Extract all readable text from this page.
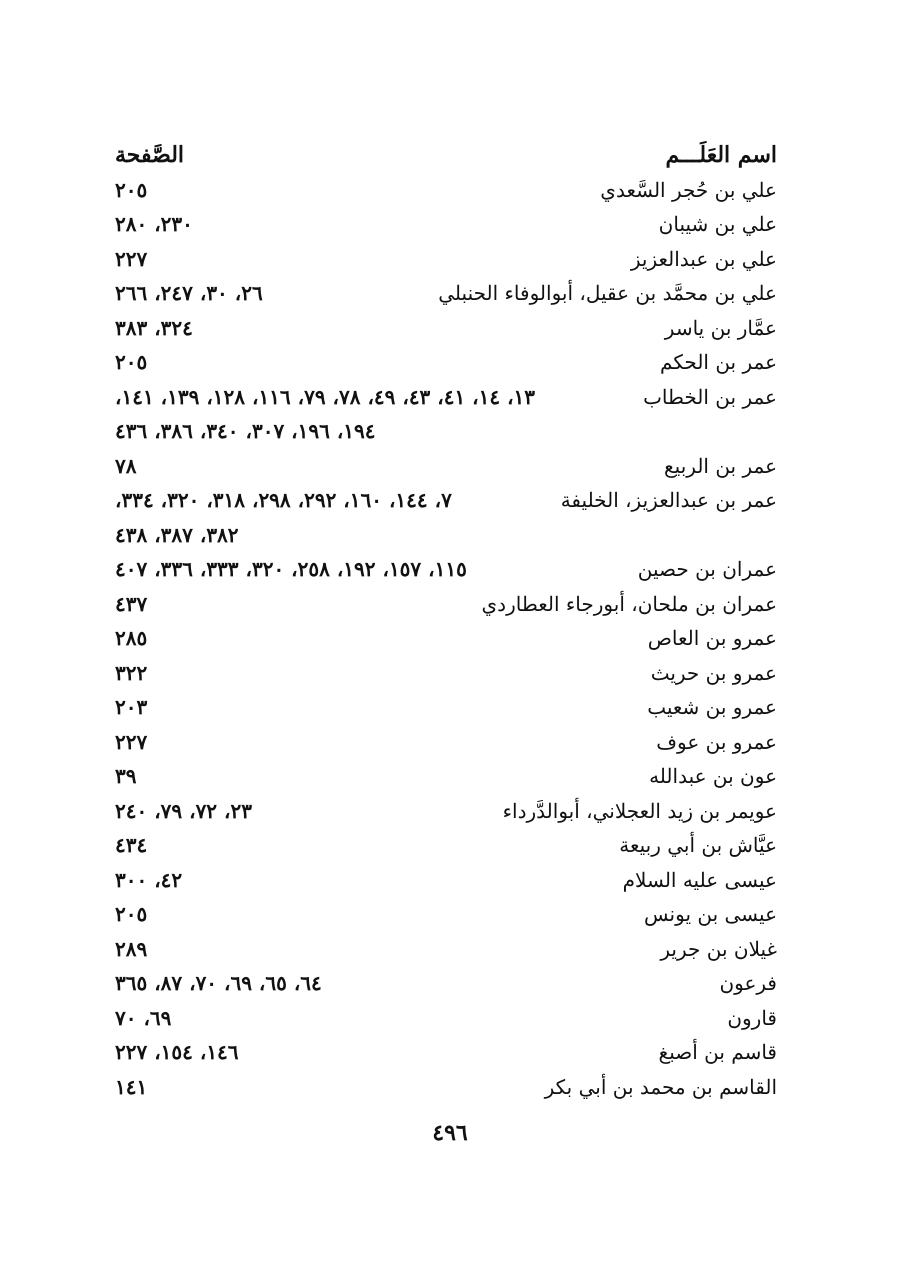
اسم العَلَـــم
الصَّفحة
علي بن حُجر السَّعدي
٢٠٥
علي بن شيبان
٢٣٠، ٢٨٠
علي بن عبدالعزيز
٢٢٧
علي بن محمَّد بن عقيل، أبوالوفاء الحنبلي
٢٦، ٣٠، ٢٤٧، ٢٦٦
عمَّار بن ياسر
٣٢٤، ٣٨٣
عمر بن الحكم
٢٠٥
عمر بن الخطاب
١٣، ١٤، ٤١، ٤٣، ٤٩، ٧٨، ٧٩، ١١٦، ١٢٨، ١٣٩، ١٤١،
١٩٤، ١٩٦، ٣٠٧، ٣٤٠، ٣٨٦، ٤٣٦
عمر بن الربيع
٧٨
عمر بن عبدالعزيز، الخليفة
٧، ١٤٤، ١٦٠، ٢٩٢، ٢٩٨، ٣١٨، ٣٢٠، ٣٣٤،
٣٨٢، ٣٨٧، ٤٣٨
عمران بن حصين
١١٥، ١٥٧، ١٩٢، ٢٥٨، ٣٢٠، ٣٣٣، ٣٣٦، ٤٠٧
عمران بن ملحان، أبورجاء العطاردي
٤٣٧
عمرو بن العاص
٢٨٥
عمرو بن حريث
٣٢٢
عمرو بن شعيب
٢٠٣
عمرو بن عوف
٢٢٧
عون بن عبدالله
٣٩
عويمر بن زيد العجلاني، أبوالدَّرداء
٢٣، ٧٢، ٧٩، ٢٤٠
عيَّاش بن أبي ربيعة
٤٣٤
عيسى عليه السلام
٤٢، ٣٠٠
عيسى بن يونس
٢٠٥
غيلان بن جرير
٢٨٩
فرعون
٦٤، ٦٥، ٦٩، ٧٠، ٨٧، ٣٦٥
قارون
٦٩، ٧٠
قاسم بن أصبغ
١٤٦، ١٥٤، ٢٢٧
القاسم بن محمد بن أبي بكر
١٤١
٤٩٦
